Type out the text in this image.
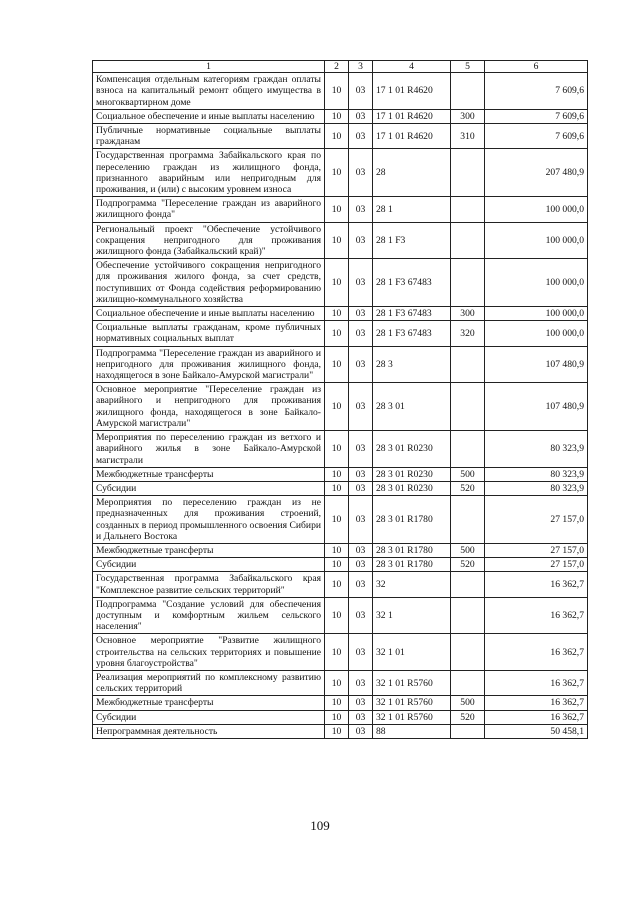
1	2	3	4	5	6
Компенсация отдельным категориям граждан оплаты взноса на капитальный ремонт общего имущества в многоквартирном доме	10	03	17 1 01 R4620		7 609,6
Социальное обеспечение и иные выплаты населению	10	03	17 1 01 R4620	300	7 609,6
Публичные нормативные социальные выплаты гражданам	10	03	17 1 01 R4620	310	7 609,6
Государственная программа Забайкальского края по переселению граждан из жилищного фонда, признанного аварийным или непригодным для проживания, и (или) с высоким уровнем износа	10	03	28		207 480,9
Подпрограмма "Переселение граждан из аварийного жилищного фонда"	10	03	28 1		100 000,0
Региональный проект "Обеспечение устойчивого сокращения непригодного для проживания жилищного фонда (Забайкальский край)"	10	03	28 1 F3		100 000,0
Обеспечение устойчивого сокращения непригодного для проживания жилого фонда, за счет средств, поступивших от Фонда содействия реформированию жилищно-коммунального хозяйства	10	03	28 1 F3 67483		100 000,0
Социальное обеспечение и иные выплаты населению	10	03	28 1 F3 67483	300	100 000,0
Социальные выплаты гражданам, кроме публичных нормативных социальных выплат	10	03	28 1 F3 67483	320	100 000,0
Подпрограмма "Переселение граждан из аварийного и непригодного для проживания жилищного фонда, находящегося в зоне Байкало-Амурской магистрали"	10	03	28 3		107 480,9
Основное мероприятие "Переселение граждан из аварийного и непригодного для проживания жилищного фонда, находящегося в зоне Байкало-Амурской магистрали"	10	03	28 3 01		107 480,9
Мероприятия по переселению граждан из ветхого и аварийного жилья в зоне Байкало-Амурской магистрали	10	03	28 3 01 R0230		80 323,9
Межбюджетные трансферты	10	03	28 3 01 R0230	500	80 323,9
Субсидии	10	03	28 3 01 R0230	520	80 323,9
Мероприятия по переселению граждан из не предназначенных для проживания строений, созданных в период промышленного освоения Сибири и Дальнего Востока	10	03	28 3 01 R1780		27 157,0
Межбюджетные трансферты	10	03	28 3 01 R1780	500	27 157,0
Субсидии	10	03	28 3 01 R1780	520	27 157,0
Государственная программа Забайкальского края "Комплексное развитие сельских территорий"	10	03	32		16 362,7
Подпрограмма "Создание условий для обеспечения доступным и комфортным жильем сельского населения"	10	03	32 1		16 362,7
Основное мероприятие "Развитие жилищного строительства на сельских территориях и повышение уровня благоустройства"	10	03	32 1 01		16 362,7
Реализация мероприятий по комплексному развитию сельских территорий	10	03	32 1 01 R5760		16 362,7
Межбюджетные трансферты	10	03	32 1 01 R5760	500	16 362,7
Субсидии	10	03	32 1 01 R5760	520	16 362,7
Непрограммная деятельность	10	03	88		50 458,1
109
